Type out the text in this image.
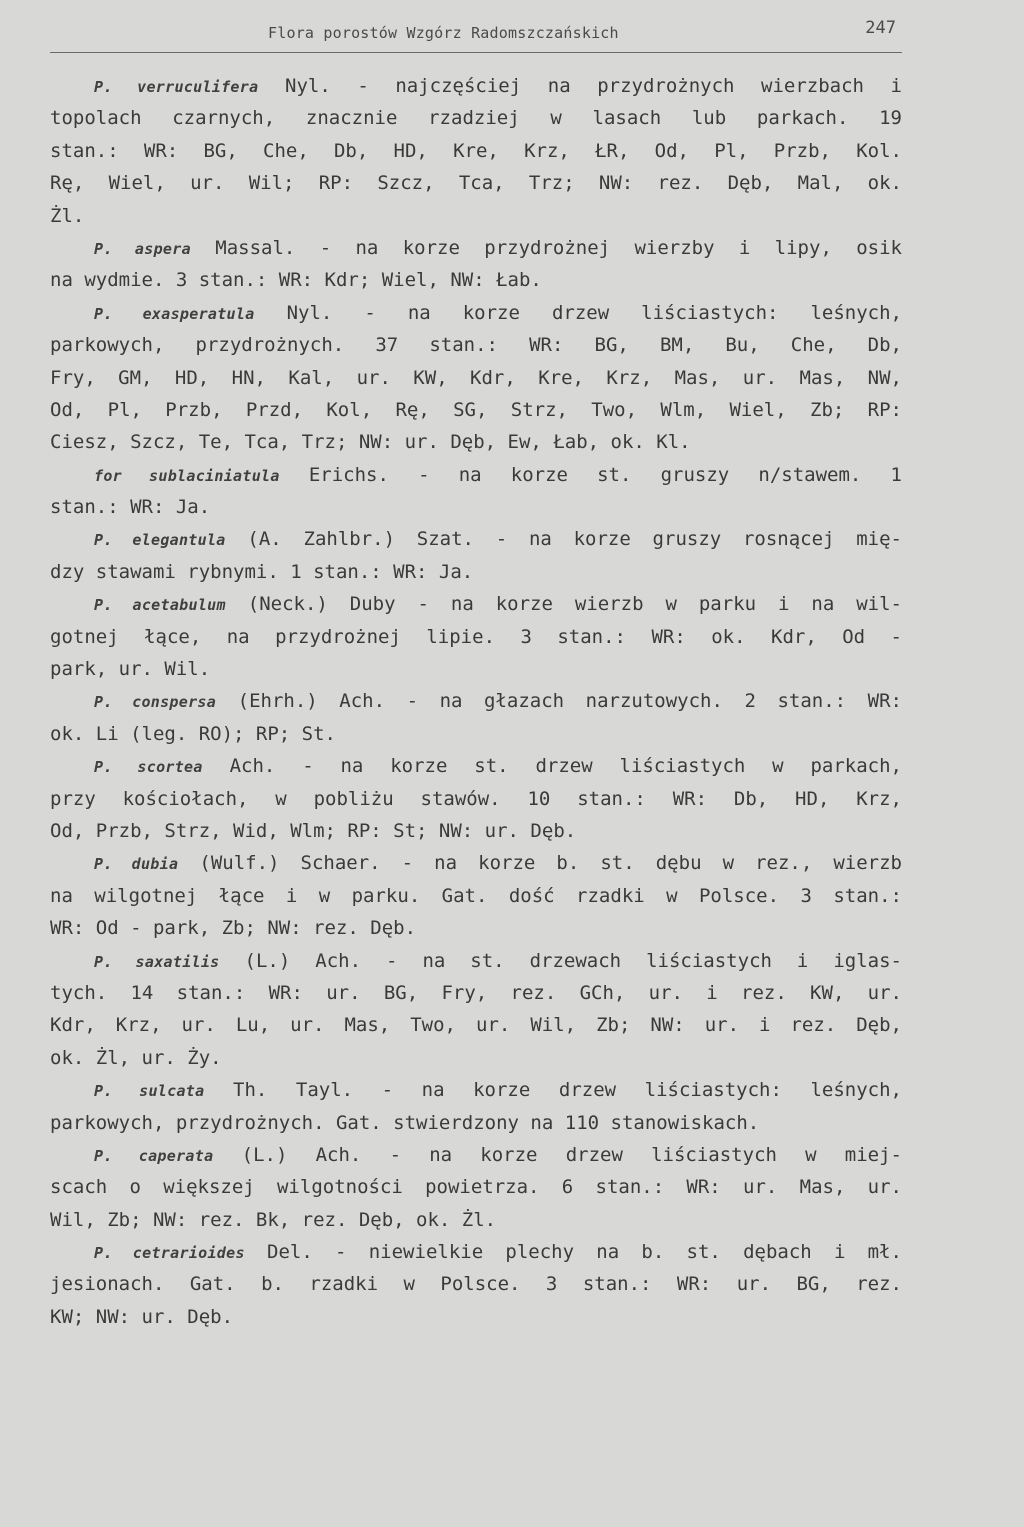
Flora porostów Wzgórz Radomszczańskich	247
P. verruculifera Nyl. - najczęściej na przydrożnych wierzbach i
topolach czarnych, znacznie rzadziej w lasach lub parkach. 19
stan.: WR: BG, Che, Db, HD, Kre, Krz, ŁR, Od, Pl, Przb, Kol.
Rę, Wiel, ur. Wil; RP: Szcz, Tca, Trz; NW: rez. Dęb, Mal, ok.
Żl.
P. aspera Massal. - na korze przydrożnej wierzby i lipy, osik
na wydmie. 3 stan.: WR: Kdr; Wiel, NW: Łab.
P. exasperatula Nyl. - na korze drzew liściastych: leśnych,
parkowych, przydrożnych. 37 stan.: WR: BG, BM, Bu, Che, Db,
Fry, GM, HD, HN, Kal, ur. KW, Kdr, Kre, Krz, Mas, ur. Mas, NW,
Od, Pl, Przb, Przd, Kol, Rę, SG, Strz, Two, Wlm, Wiel, Zb; RP:
Ciesz, Szcz, Te, Tca, Trz; NW: ur. Dęb, Ew, Łab, ok. Kl.
for sublaciniatula Erichs. - na korze st. gruszy n/stawem. 1
stan.: WR: Ja.
P. elegantula (A. Zahlbr.) Szat. - na korze gruszy rosnącej mię-
dzy stawami rybnymi. 1 stan.: WR: Ja.
P. acetabulum (Neck.) Duby - na korze wierzb w parku i na wil-
gotnej łące, na przydrożnej lipie. 3 stan.: WR: ok. Kdr, Od -
park, ur. Wil.
P. conspersa (Ehrh.) Ach. - na głazach narzutowych. 2 stan.: WR:
ok. Li (leg. RO); RP; St.
P. scortea Ach. - na korze st. drzew liściastych w parkach,
przy kościołach, w pobliżu stawów. 10 stan.: WR: Db, HD, Krz,
Od, Przb, Strz, Wid, Wlm; RP: St; NW: ur. Dęb.
P. dubia (Wulf.) Schaer. - na korze b. st. dębu w rez., wierzb
na wilgotnej łące i w parku. Gat. dość rzadki w Polsce. 3 stan.:
WR: Od - park, Zb; NW: rez. Dęb.
P. saxatilis (L.) Ach. - na st. drzewach liściastych i iglas-
tych. 14 stan.: WR: ur. BG, Fry, rez. GCh, ur. i rez. KW, ur.
Kdr, Krz, ur. Lu, ur. Mas, Two, ur. Wil, Zb; NW: ur. i rez. Dęb,
ok. Żl, ur. Ży.
P. sulcata Th. Tayl. - na korze drzew liściastych: leśnych,
parkowych, przydrożnych. Gat. stwierdzony na 110 stanowiskach.
P. caperata (L.) Ach. - na korze drzew liściastych w miej-
scach o większej wilgotności powietrza. 6 stan.: WR: ur. Mas, ur.
Wil, Zb; NW: rez. Bk, rez. Dęb, ok. Żl.
P. cetrarioides Del. - niewielkie plechy na b. st. dębach i mł.
jesionach. Gat. b. rzadki w Polsce. 3 stan.: WR: ur. BG, rez.
KW; NW: ur. Dęb.
